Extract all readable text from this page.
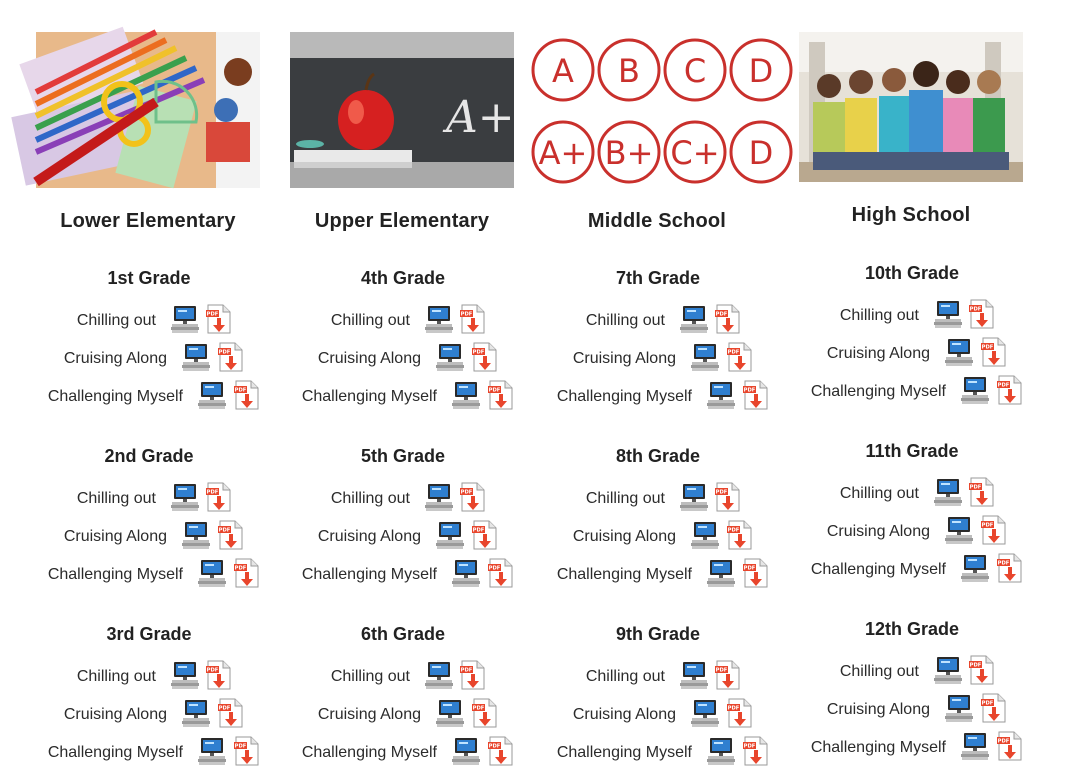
Lower Elementary
A+
Upper Elementary
A B C D
A+ B+ C+ D
Middle School	High School
1st Grade
Chilling out
Cruising Along
Challenging Myself
2nd Grade
Chilling out
Cruising Along
Challenging Myself
3rd Grade
Chilling out
Cruising Along
Challenging Myself
4th Grade
Chilling out
Cruising Along
Challenging Myself
5th Grade
Chilling out
Cruising Along
Challenging Myself
6th Grade
Chilling out
Cruising Along
Challenging Myself
7th Grade
Chilling out
Cruising Along
Challenging Myself
8th Grade
Chilling out
Cruising Along
Challenging Myself
9th Grade
Chilling out
Cruising Along
Challenging Myself
10th Grade
Chilling out
Cruising Along
Challenging Myself
11th Grade
Chilling out
Cruising Along
Challenging Myself
12th Grade
Chilling out
Cruising Along
Challenging Myself
